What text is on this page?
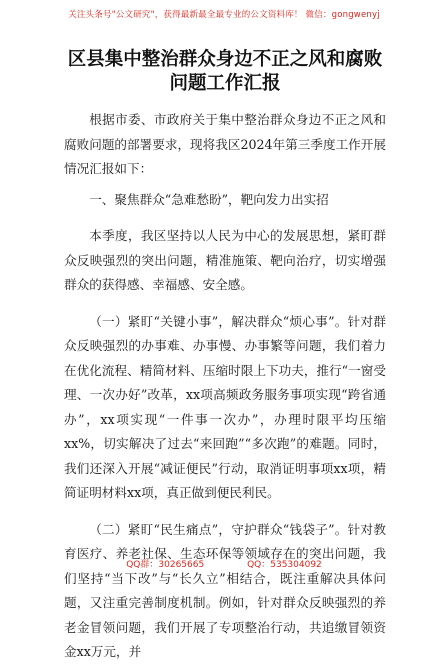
关注头条号"公文研究"，获得最新最全最专业的公文资料库！ 微信：gongwenyj
区县集中整治群众身边不正之风和腐败问题工作汇报

根据市委、市政府关于集中整治群众身边不正之风和腐败问题的部署要求，现将我区2024年第三季度工作开展情况汇报如下：

一、聚焦群众“急难愁盼”，靶向发力出实招

本季度，我区坚持以人民为中心的发展思想，紧盯群众反映强烈的突出问题，精准施策、靶向治疗，切实增强群众的获得感、幸福感、安全感。

（一）紧盯“关键小事”，解决群众“烦心事”。针对群众反映强烈的办事难、办事慢、办事繁等问题，我们着力在优化流程、精简材料、压缩时限上下功夫，推行“一窗受理、一次办好”改革，xx项高频政务服务事项实现“跨省通办”，xx项实现“一件事一次办”，办理时限平均压缩xx%，切实解决了过去“来回跑”“多次跑”的难题。同时，我们还深入开展“减证便民”行动，取消证明事项xx项，精简证明材料xx项，真正做到便民利民。

（二）紧盯“民生痛点”，守护群众“钱袋子”。针对教育医疗、养老社保、生态环保等领域存在的突出问题，我们坚持“当下改”与“长久立”相结合，既注重解决具体问题，又注重完善制度机制。例如，针对群众反映强烈的养老金冒领问题，我们开展了专项整治行动，共追缴冒领资金xx万元，并

QQ群：30265665	QQ：535304092
